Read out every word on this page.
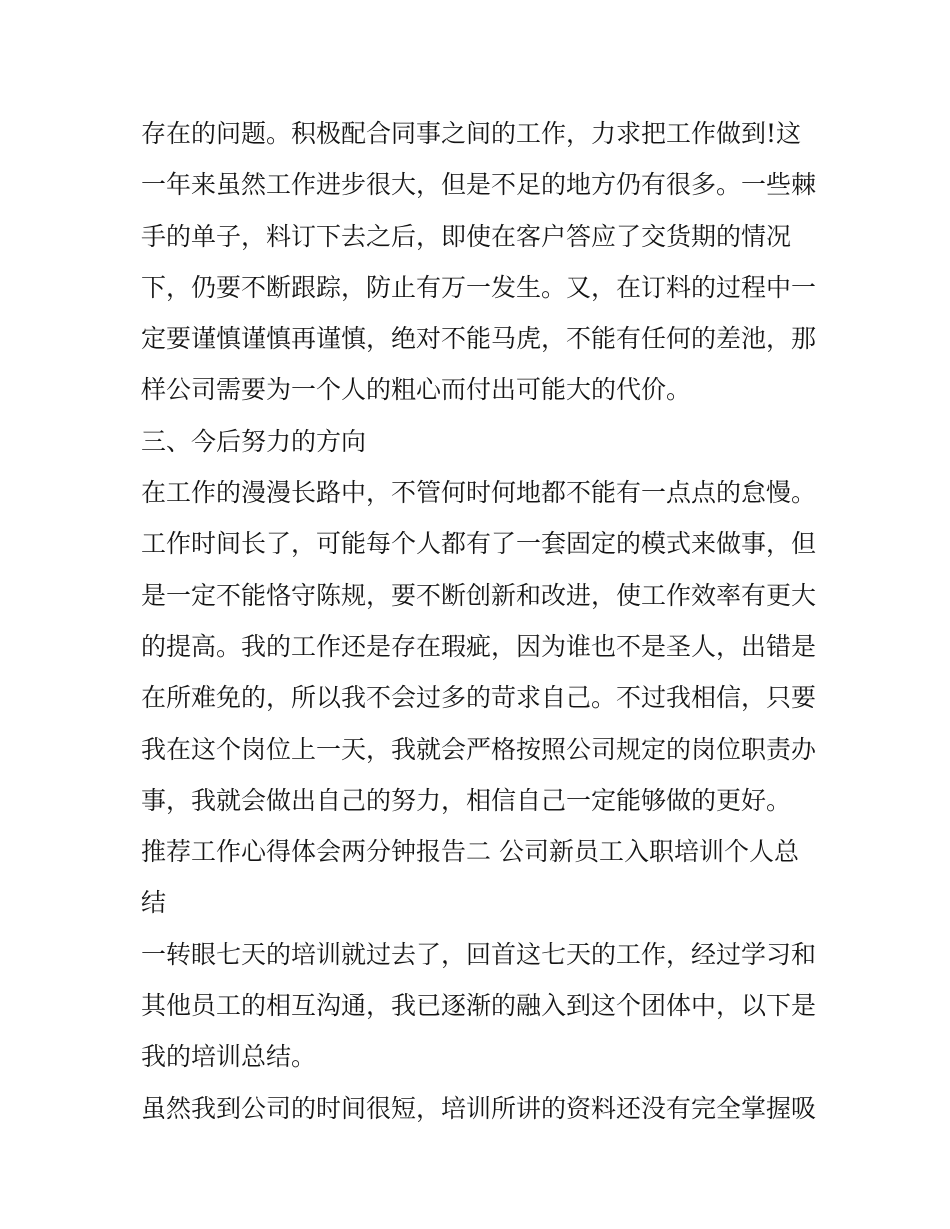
存在的问题。积极配合同事之间的工作，力求把工作做到!这
一年来虽然工作进步很大，但是不足的地方仍有很多。一些棘
手的单子，料订下去之后，即使在客户答应了交货期的情况
下，仍要不断跟踪，防止有万一发生。又，在订料的过程中一
定要谨慎谨慎再谨慎，绝对不能马虎，不能有任何的差池，那
样公司需要为一个人的粗心而付出可能大的代价。
三、今后努力的方向
在工作的漫漫长路中，不管何时何地都不能有一点点的怠慢。
工作时间长了，可能每个人都有了一套固定的模式来做事，但
是一定不能恪守陈规，要不断创新和改进，使工作效率有更大
的提高。我的工作还是存在瑕疵，因为谁也不是圣人，出错是
在所难免的，所以我不会过多的苛求自己。不过我相信，只要
我在这个岗位上一天，我就会严格按照公司规定的岗位职责办
事，我就会做出自己的努力，相信自己一定能够做的更好。
推荐工作心得体会两分钟报告二 公司新员工入职培训个人总
结
一转眼七天的培训就过去了，回首这七天的工作，经过学习和
其他员工的相互沟通，我已逐渐的融入到这个团体中，以下是
我的培训总结。
虽然我到公司的时间很短，培训所讲的资料还没有完全掌握吸
